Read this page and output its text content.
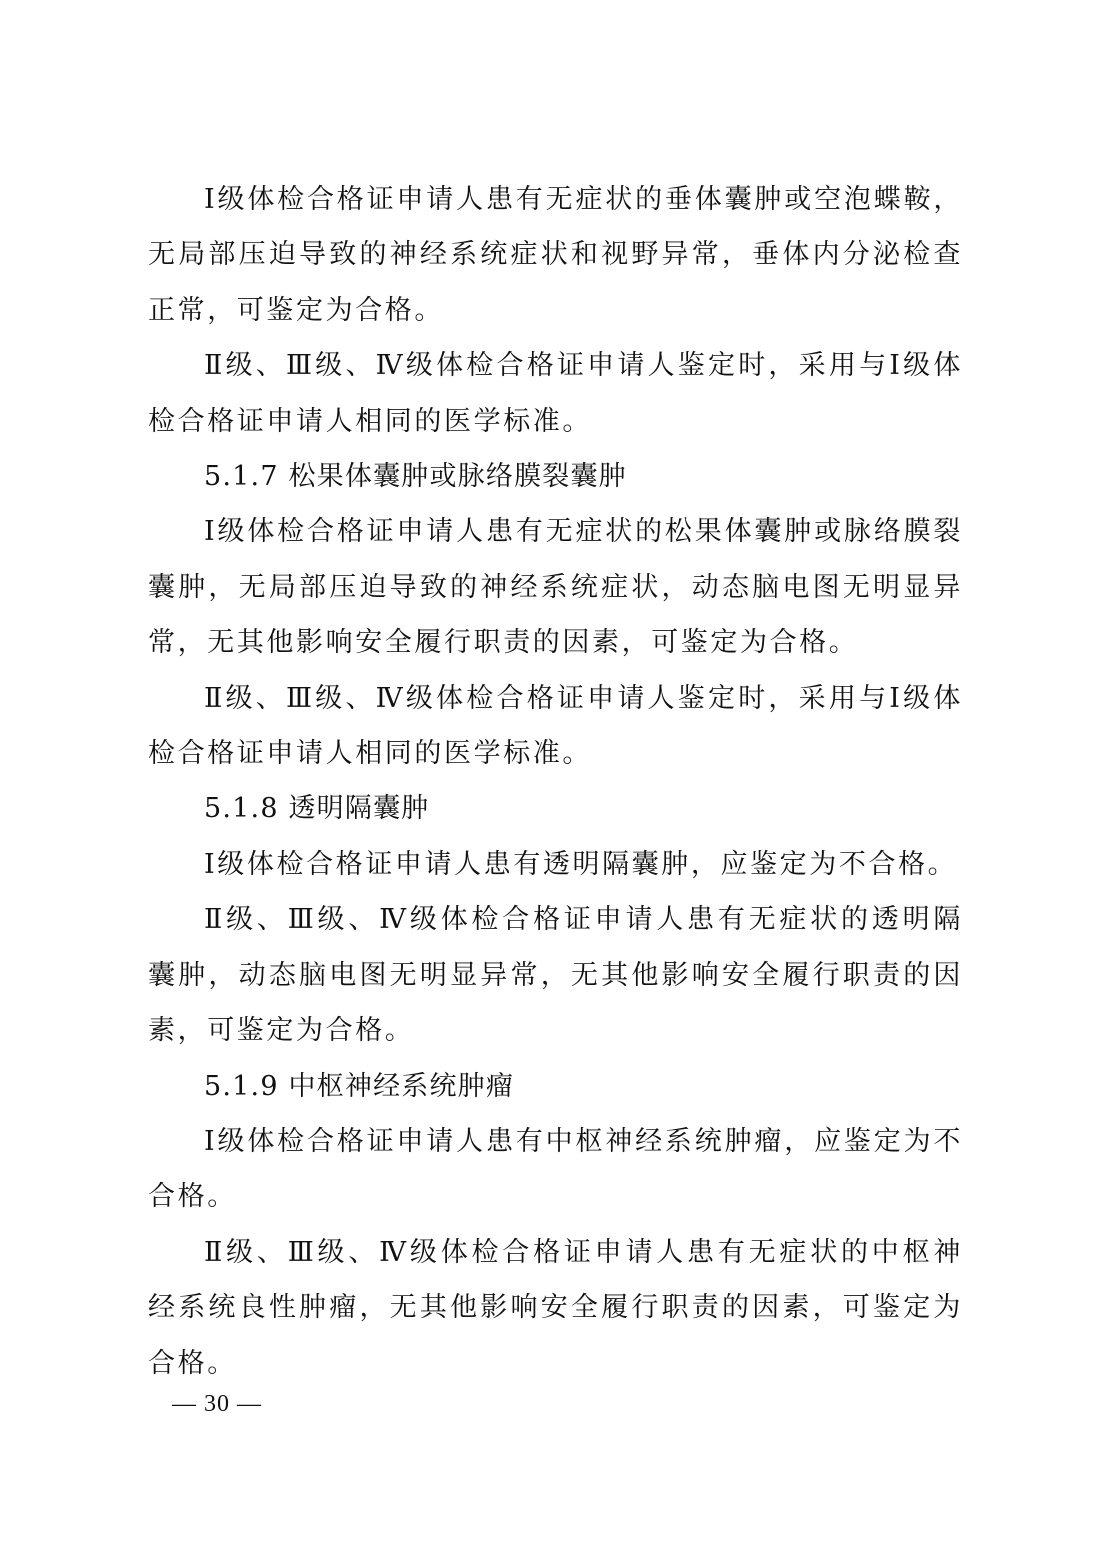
Ⅰ级体检合格证申请人患有无症状的垂体囊肿或空泡蝶鞍，无局部压迫导致的神经系统症状和视野异常，垂体内分泌检查正常，可鉴定为合格。

Ⅱ级、Ⅲ级、Ⅳ级体检合格证申请人鉴定时，采用与Ⅰ级体检合格证申请人相同的医学标准。

5.1.7 松果体囊肿或脉络膜裂囊肿

Ⅰ级体检合格证申请人患有无症状的松果体囊肿或脉络膜裂囊肿，无局部压迫导致的神经系统症状，动态脑电图无明显异常，无其他影响安全履行职责的因素，可鉴定为合格。

Ⅱ级、Ⅲ级、Ⅳ级体检合格证申请人鉴定时，采用与Ⅰ级体检合格证申请人相同的医学标准。

5.1.8 透明隔囊肿

Ⅰ级体检合格证申请人患有透明隔囊肿，应鉴定为不合格。

Ⅱ级、Ⅲ级、Ⅳ级体检合格证申请人患有无症状的透明隔囊肿，动态脑电图无明显异常，无其他影响安全履行职责的因素，可鉴定为合格。

5.1.9 中枢神经系统肿瘤

Ⅰ级体检合格证申请人患有中枢神经系统肿瘤，应鉴定为不合格。

Ⅱ级、Ⅲ级、Ⅳ级体检合格证申请人患有无症状的中枢神经系统良性肿瘤，无其他影响安全履行职责的因素，可鉴定为合格。

— 30 —
